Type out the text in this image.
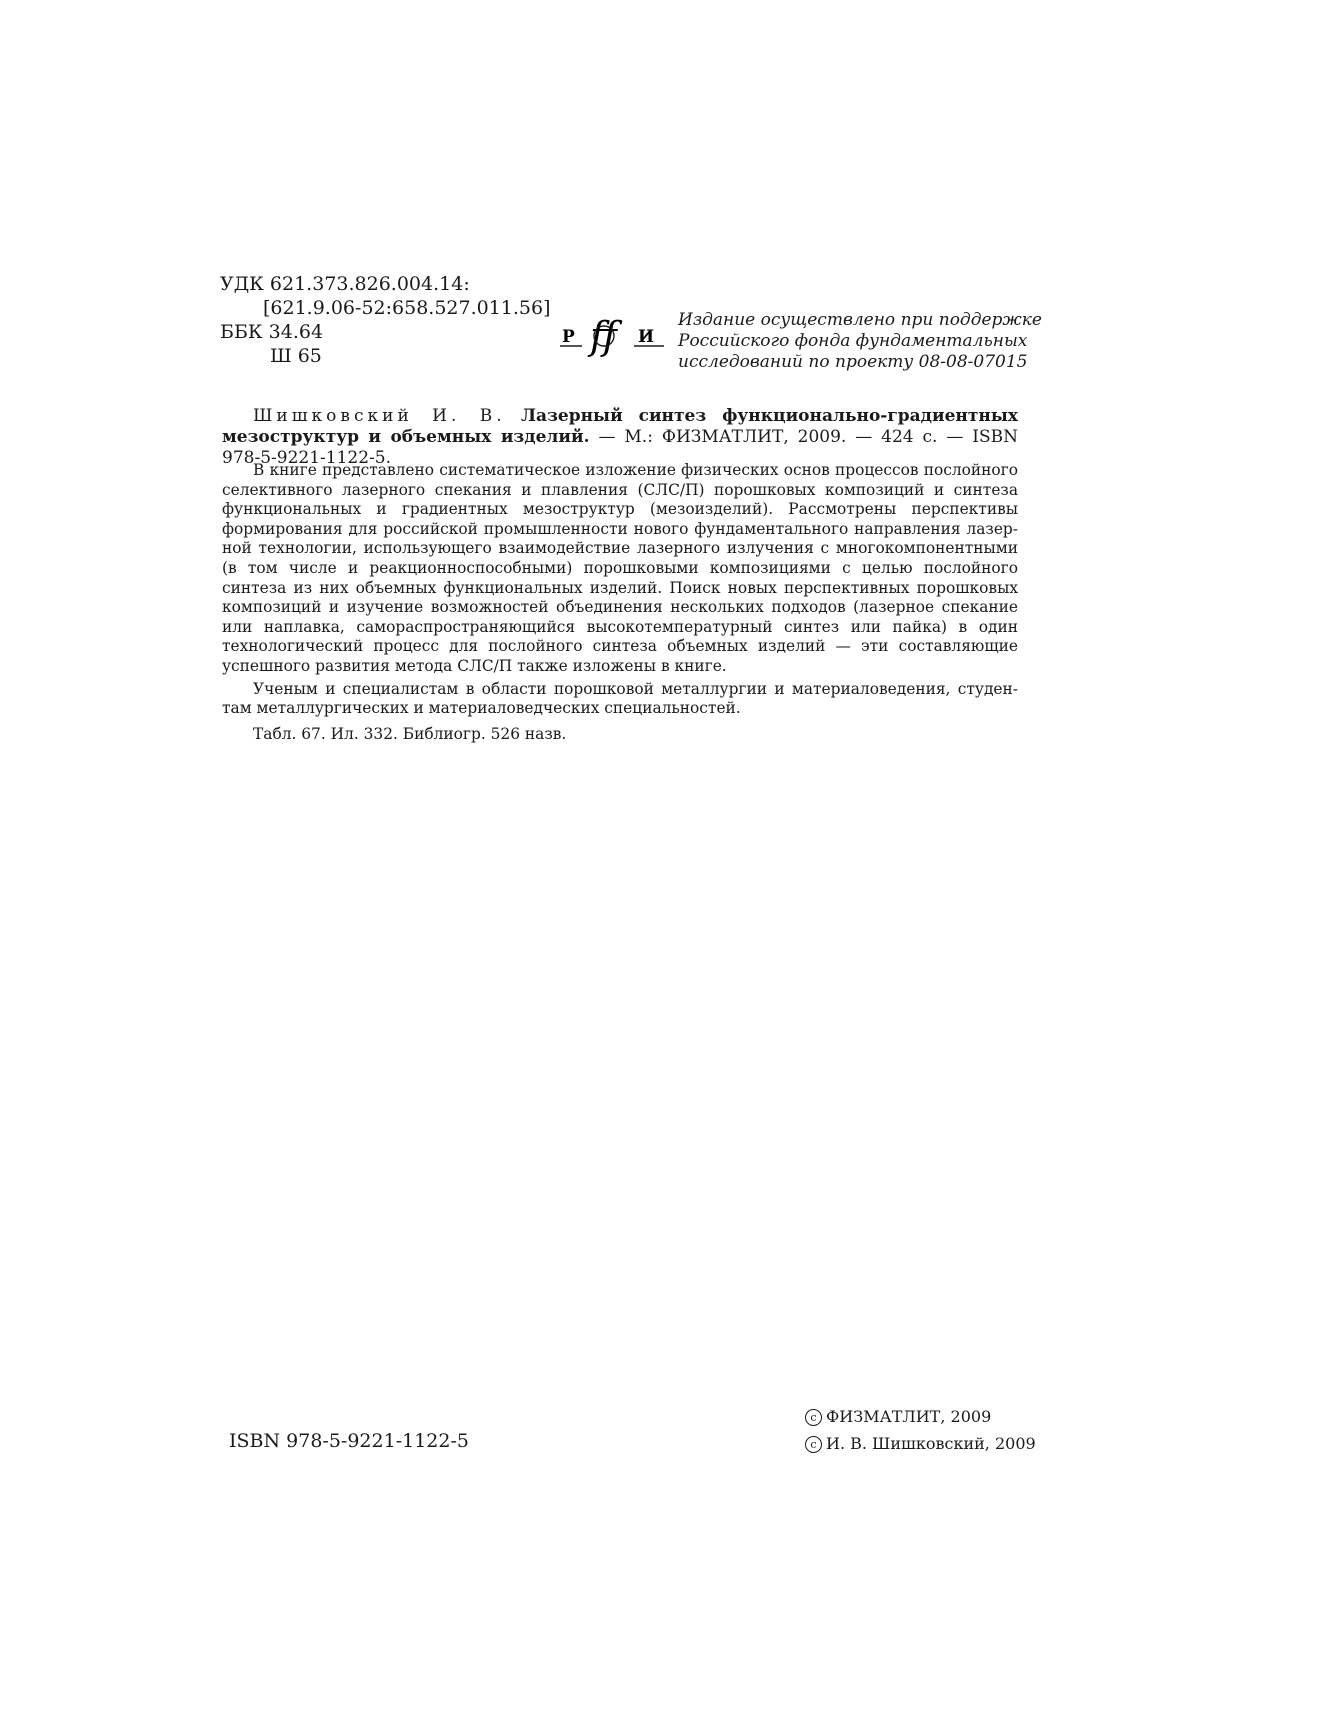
УДК 621.373.826.004.14:
[621.9.06-52:658.527.011.56]
ББК 34.64
Ш 65
Р ff	И
Издание осуществлено при поддержке
Российского фонда фундаментальных
исследований по проекту 08-08-07015
Шишковский И. В. Лазерный синтез функционально-градиентных мезоструктур и объемных изделий. — М.: ФИЗМАТЛИТ, 2009. — 424 с. — ISBN 978-5-9221-1122-5.

В книге представлено систематическое изложение физических основ процессов послойного селективного лазерного спекания и плавления (СЛС/П) порошковых композиций и синтеза функциональных и градиентных мезоструктур (мезоизделий). Рассмотрены перспективы формирования для российской промышленности нового фундаментального направления лазерной технологии, использующего взаимодействие лазерного излучения с многокомпонентными (в том числе и реакционноспособными) порошковыми композициями с целью послойного синтеза из них объемных функциональных изделий. Поиск новых перспективных порошковых композиций и изучение возможностей объединения нескольких подходов (лазерное спекание или наплавка, самораспространяющийся высокотемпературный синтез или пайка) в один технологический процесс для послойного синтеза объемных изделий — эти составляющие успешного развития метода СЛС/П также изложены в книге.

Ученым и специалистам в области порошковой металлургии и материаловедения, студентам металлургических и материаловедческих специальностей.

Табл. 67. Ил. 332. Библиогр. 526 назв.

ISBN 978-5-9221-1122-5
c ФИЗМАТЛИТ, 2009
c И. В. Шишковский, 2009
